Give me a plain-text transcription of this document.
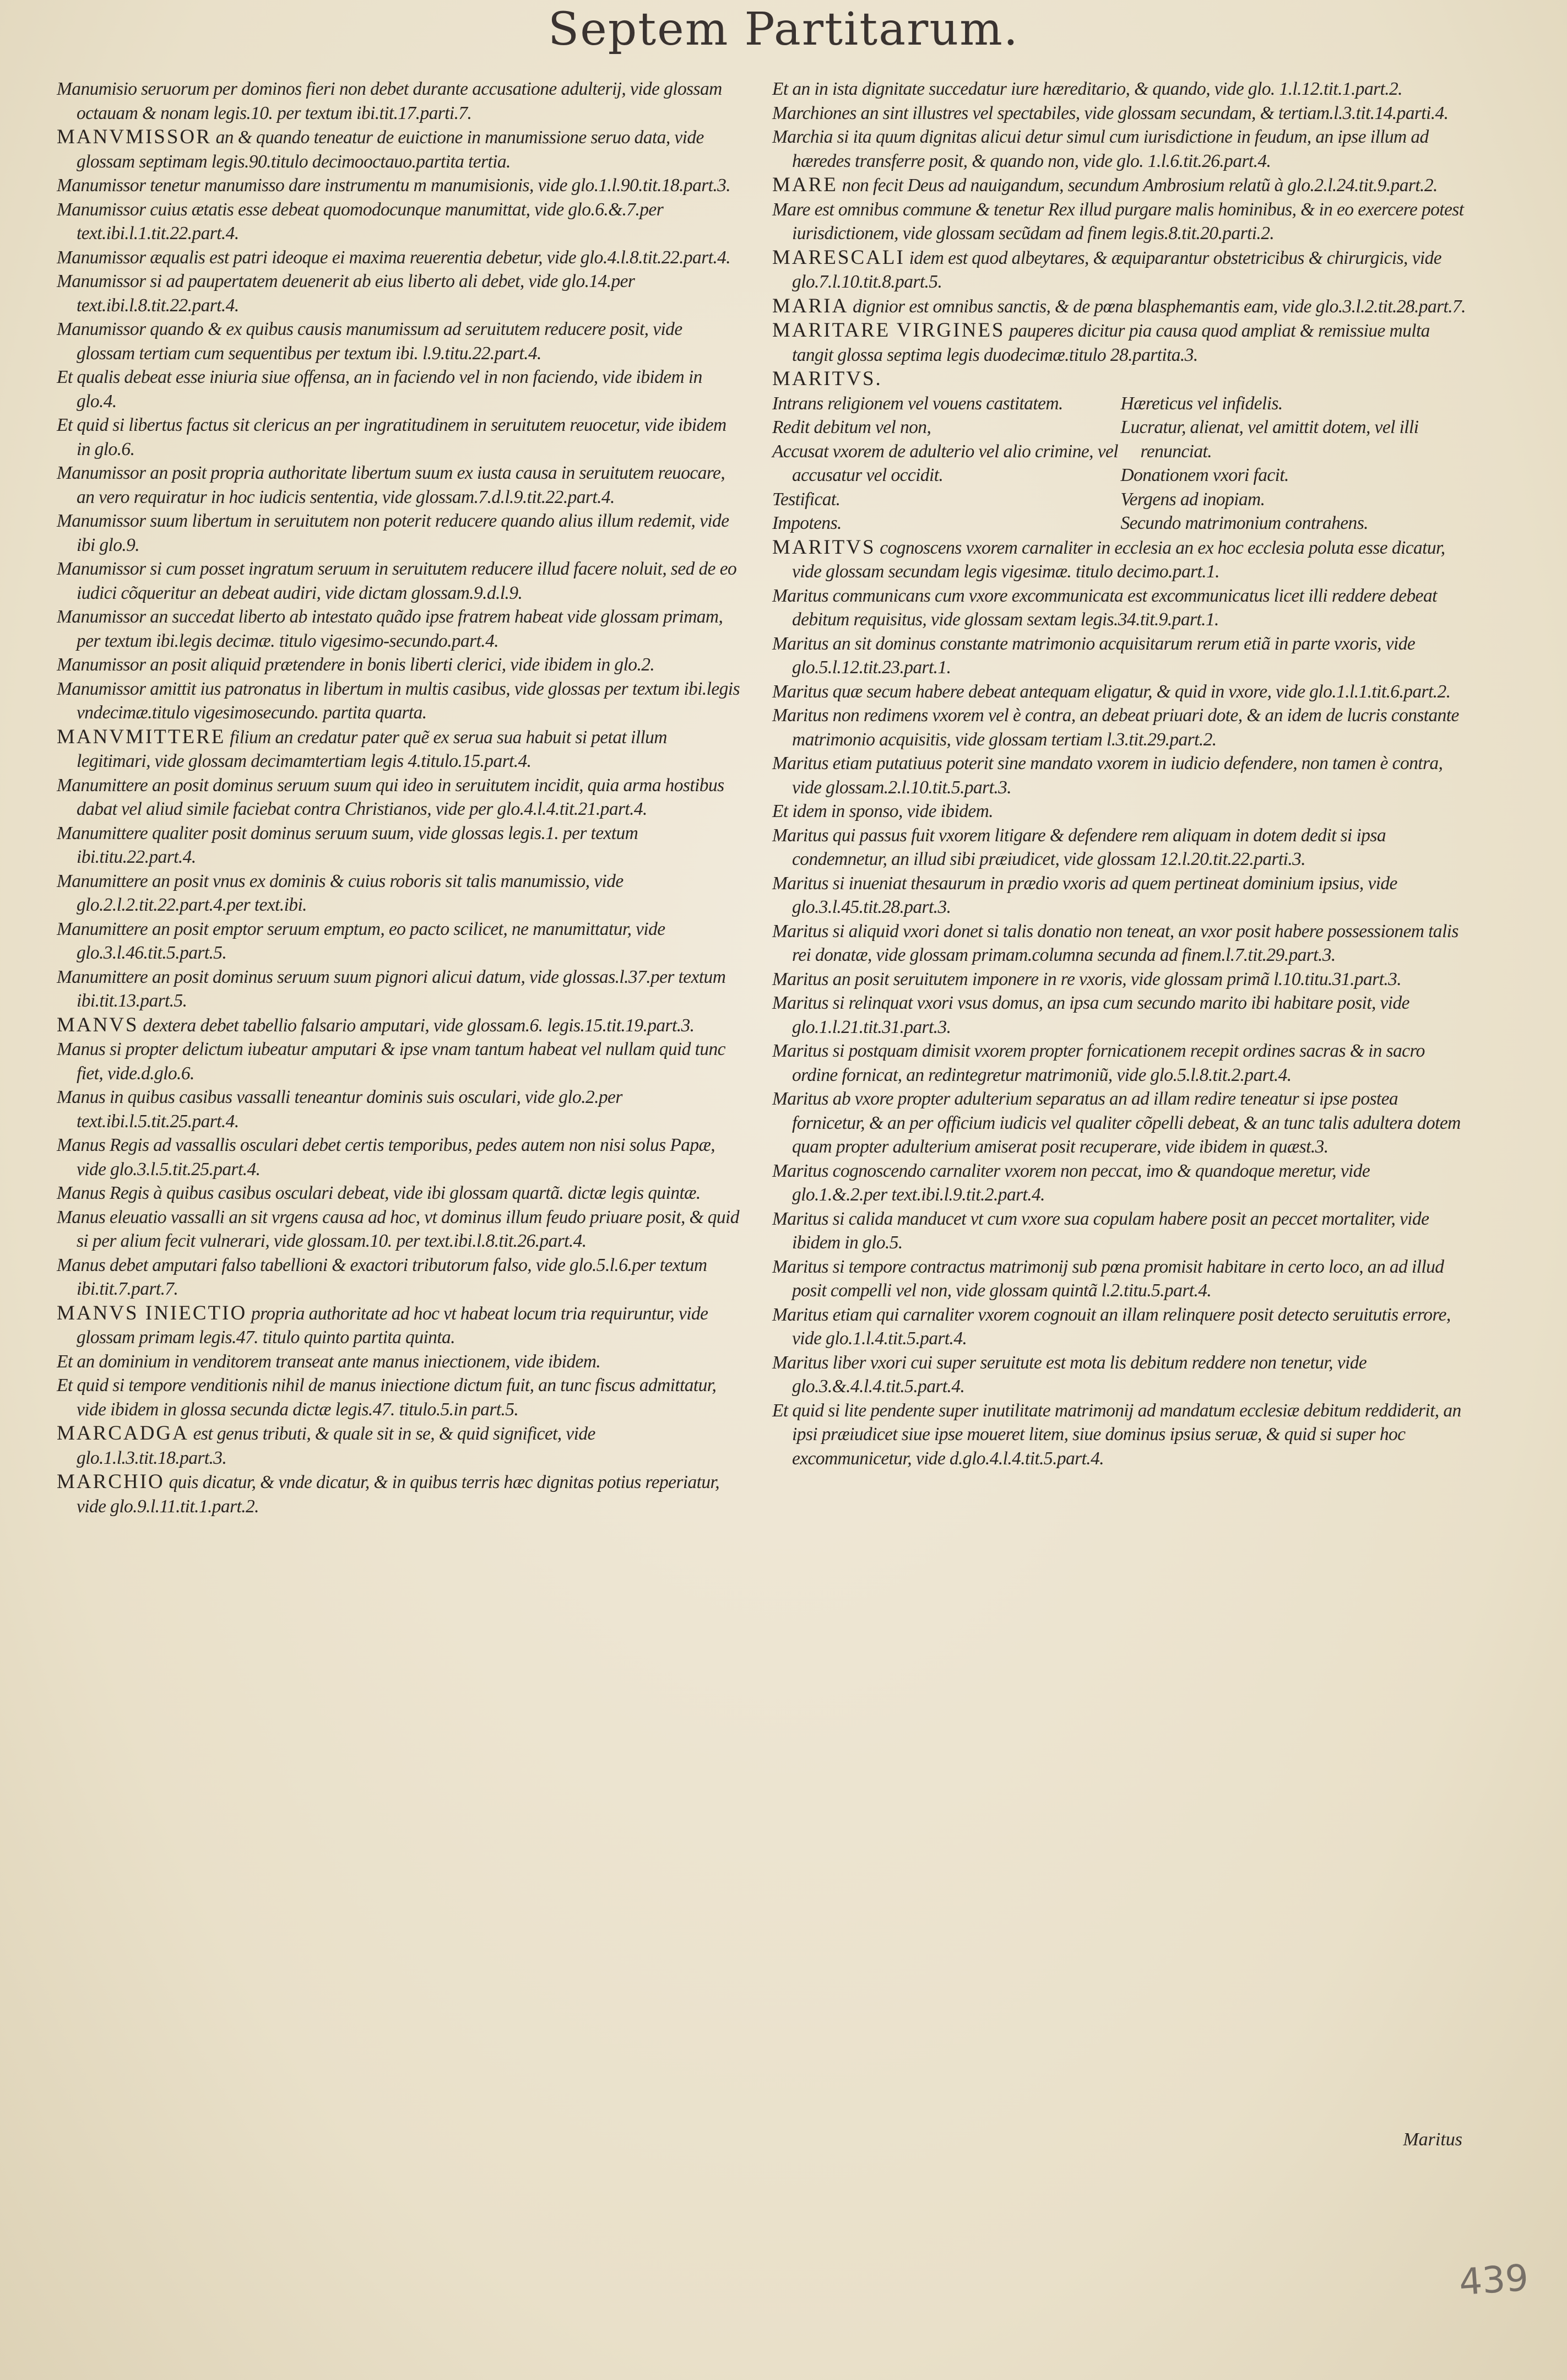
Septem Partitarum.

Manumisio seruorum per dominos fieri non debet durante accusatione adulterij, vide glossam octauam & nonam legis.10. per textum ibi.tit.17.parti.7.

MANVMISSOR an & quando teneatur de euictione in manumissione seruo data, vide glossam septimam legis.90.titulo decimooctauo.partita tertia.

Manumissor tenetur manumisso dare instrumentu m manumisionis, vide glo.1.l.90.tit.18.part.3.

Manumissor cuius ætatis esse debeat quomodocunque manumittat, vide glo.6.&.7.per text.ibi.l.1.tit.22.part.4.

Manumissor æqualis est patri ideoque ei maxima reuerentia debetur, vide glo.4.l.8.tit.22.part.4.

Manumissor si ad paupertatem deuenerit ab eius liberto ali debet, vide glo.14.per text.ibi.l.8.tit.22.part.4.

Manumissor quando & ex quibus causis manumissum ad seruitutem reducere posit, vide glossam tertiam cum sequentibus per textum ibi. l.9.titu.22.part.4.

Et qualis debeat esse iniuria siue offensa, an in faciendo vel in non faciendo, vide ibidem in glo.4.

Et quid si libertus factus sit clericus an per ingratitudinem in seruitutem reuocetur, vide ibidem in glo.6.

Manumissor an posit propria authoritate libertum suum ex iusta causa in seruitutem reuocare, an vero requiratur in hoc iudicis sententia, vide glossam.7.d.l.9.tit.22.part.4.

Manumissor suum libertum in seruitutem non poterit reducere quando alius illum redemit, vide ibi glo.9.

Manumissor si cum posset ingratum seruum in seruitutem reducere illud facere noluit, sed de eo iudici cõqueritur an debeat audiri, vide dictam glossam.9.d.l.9.

Manumissor an succedat liberto ab intestato quãdo ipse fratrem habeat vide glossam primam, per textum ibi.legis decimæ. titulo vigesimo-secundo.part.4.

Manumissor an posit aliquid prætendere in bonis liberti clerici, vide ibidem in glo.2.

Manumissor amittit ius patronatus in libertum in multis casibus, vide glossas per textum ibi.legis vndecimæ.titulo vigesimosecundo. partita quarta.

MANVMITTERE filium an credatur pater quẽ ex serua sua habuit si petat illum legitimari, vide glossam decimamtertiam legis 4.titulo.15.part.4.

Manumittere an posit dominus seruum suum qui ideo in seruitutem incidit, quia arma hostibus dabat vel aliud simile faciebat contra Christianos, vide per glo.4.l.4.tit.21.part.4.

Manumittere qualiter posit dominus seruum suum, vide glossas legis.1. per textum ibi.titu.22.part.4.

Manumittere an posit vnus ex dominis & cuius roboris sit talis manumissio, vide glo.2.l.2.tit.22.part.4.per text.ibi.

Manumittere an posit emptor seruum emptum, eo pacto scilicet, ne manumittatur, vide glo.3.l.46.tit.5.part.5.

Manumittere an posit dominus seruum suum pignori alicui datum, vide glossas.l.37.per textum ibi.tit.13.part.5.

MANVS dextera debet tabellio falsario amputari, vide glossam.6. legis.15.tit.19.part.3.

Manus si propter delictum iubeatur amputari & ipse vnam tantum habeat vel nullam quid tunc fiet, vide.d.glo.6.

Manus in quibus casibus vassalli teneantur dominis suis osculari, vide glo.2.per text.ibi.l.5.tit.25.part.4.

Manus Regis ad vassallis osculari debet certis temporibus, pedes autem non nisi solus Papæ, vide glo.3.l.5.tit.25.part.4.

Manus Regis à quibus casibus osculari debeat, vide ibi glossam quartã. dictæ legis quintæ.

Manus eleuatio vassalli an sit vrgens causa ad hoc, vt dominus illum feudo priuare posit, & quid si per alium fecit vulnerari, vide glossam.10. per text.ibi.l.8.tit.26.part.4.

Manus debet amputari falso tabellioni & exactori tributorum falso, vide glo.5.l.6.per textum ibi.tit.7.part.7.

MANVS INIECTIO propria authoritate ad hoc vt habeat locum tria requiruntur, vide glossam primam legis.47. titulo quinto partita quinta.

Et an dominium in venditorem transeat ante manus iniectionem, vide ibidem.

Et quid si tempore venditionis nihil de manus iniectione dictum fuit, an tunc fiscus admittatur, vide ibidem in glossa secunda dictæ legis.47. titulo.5.in part.5.

MARCADGA est genus tributi, & quale sit in se, & quid significet, vide glo.1.l.3.tit.18.part.3.

MARCHIO quis dicatur, & vnde dicatur, & in quibus terris hæc dignitas potius reperiatur, vide glo.9.l.11.tit.1.part.2.

Et an in ista dignitate succedatur iure hæreditario, & quando, vide glo. 1.l.12.tit.1.part.2.

Marchiones an sint illustres vel spectabiles, vide glossam secundam, & tertiam.l.3.tit.14.parti.4.

Marchia si ita quum dignitas alicui detur simul cum iurisdictione in feudum, an ipse illum ad hæredes transferre posit, & quando non, vide glo. 1.l.6.tit.26.part.4.

MARE non fecit Deus ad nauigandum, secundum Ambrosium relatũ à glo.2.l.24.tit.9.part.2.

Mare est omnibus commune & tenetur Rex illud purgare malis hominibus, & in eo exercere potest iurisdictionem, vide glossam secũdam ad finem legis.8.tit.20.parti.2.

MARESCALI idem est quod albeytares, & æquiparantur obstetricibus & chirurgicis, vide glo.7.l.10.tit.8.part.5.

MARIA dignior est omnibus sanctis, & de pœna blasphemantis eam, vide glo.3.l.2.tit.28.part.7.

MARITARE VIRGINES pauperes dicitur pia causa quod ampliat & remissiue multa tangit glossa septima legis duodecimæ.titulo 28.partita.3.

MARITVS.

Intrans religionem vel vouens castitatem.

Redit debitum vel non,

Accusat vxorem de adulterio vel alio crimine, vel accusatur vel occidit.

Testificat.

Impotens.

Hæreticus vel infidelis.

Lucratur, alienat, vel amittit dotem, vel illi renunciat.

Donationem vxori facit.

Vergens ad inopiam.

Secundo matrimonium contrahens.

MARITVS cognoscens vxorem carnaliter in ecclesia an ex hoc ecclesia poluta esse dicatur, vide glossam secundam legis vigesimæ. titulo decimo.part.1.

Maritus communicans cum vxore excommunicata est excommunicatus licet illi reddere debeat debitum requisitus, vide glossam sextam legis.34.tit.9.part.1.

Maritus an sit dominus constante matrimonio acquisitarum rerum etiã in parte vxoris, vide glo.5.l.12.tit.23.part.1.

Maritus quæ secum habere debeat antequam eligatur, & quid in vxore, vide glo.1.l.1.tit.6.part.2.

Maritus non redimens vxorem vel è contra, an debeat priuari dote, & an idem de lucris constante matrimonio acquisitis, vide glossam tertiam l.3.tit.29.part.2.

Maritus etiam putatiuus poterit sine mandato vxorem in iudicio defendere, non tamen è contra, vide glossam.2.l.10.tit.5.part.3.

Et idem in sponso, vide ibidem.

Maritus qui passus fuit vxorem litigare & defendere rem aliquam in dotem dedit si ipsa condemnetur, an illud sibi præiudicet, vide glossam 12.l.20.tit.22.parti.3.

Maritus si inueniat thesaurum in prædio vxoris ad quem pertineat dominium ipsius, vide glo.3.l.45.tit.28.part.3.

Maritus si aliquid vxori donet si talis donatio non teneat, an vxor posit habere possessionem talis rei donatæ, vide glossam primam.columna secunda ad finem.l.7.tit.29.part.3.

Maritus an posit seruitutem imponere in re vxoris, vide glossam primã l.10.titu.31.part.3.

Maritus si relinquat vxori vsus domus, an ipsa cum secundo marito ibi habitare posit, vide glo.1.l.21.tit.31.part.3.

Maritus si postquam dimisit vxorem propter fornicationem recepit ordines sacras & in sacro ordine fornicat, an redintegretur matrimoniũ, vide glo.5.l.8.tit.2.part.4.

Maritus ab vxore propter adulterium separatus an ad illam redire teneatur si ipse postea fornicetur, & an per officium iudicis vel qualiter cõpelli debeat, & an tunc talis adultera dotem quam propter adulterium amiserat posit recuperare, vide ibidem in quæst.3.

Maritus cognoscendo carnaliter vxorem non peccat, imo & quandoque meretur, vide glo.1.&.2.per text.ibi.l.9.tit.2.part.4.

Maritus si calida manducet vt cum vxore sua copulam habere posit an peccet mortaliter, vide ibidem in glo.5.

Maritus si tempore contractus matrimonij sub pœna promisit habitare in certo loco, an ad illud posit compelli vel non, vide glossam quintã l.2.titu.5.part.4.

Maritus etiam qui carnaliter vxorem cognouit an illam relinquere posit detecto seruitutis errore, vide glo.1.l.4.tit.5.part.4.

Maritus liber vxori cui super seruitute est mota lis debitum reddere non tenetur, vide glo.3.&.4.l.4.tit.5.part.4.

Et quid si lite pendente super inutilitate matrimonij ad mandatum ecclesiæ debitum reddiderit, an ipsi præiudicet siue ipse moueret litem, siue dominus ipsius seruæ, & quid si super hoc excommunicetur, vide d.glo.4.l.4.tit.5.part.4.

Maritus
439
